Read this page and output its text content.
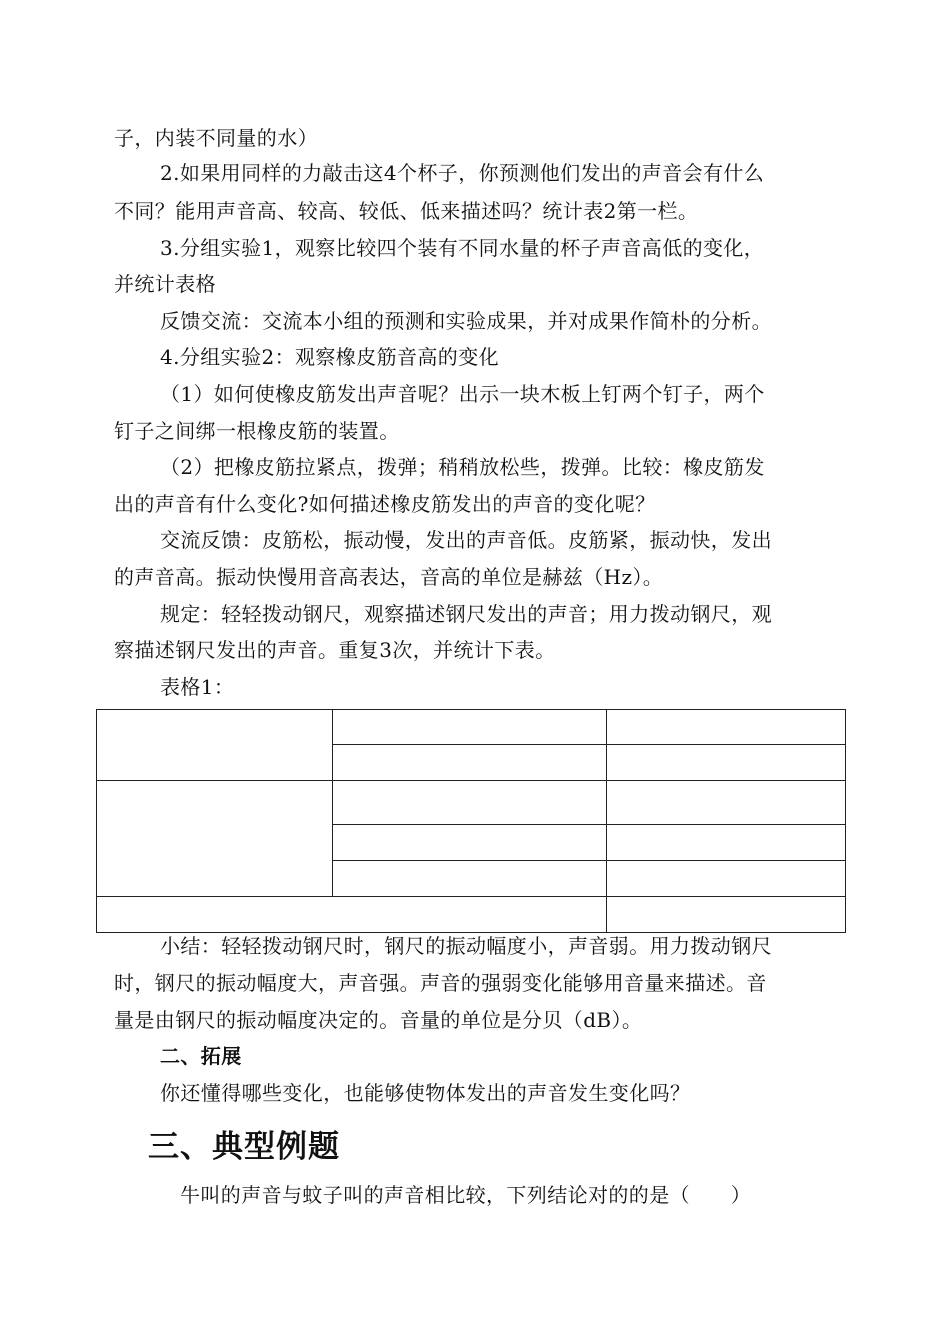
子，内装不同量的水）
2.如果用同样的力敲击这4个杯子，你预测他们发出的声音会有什么
不同？能用声音高、较高、较低、低来描述吗？统计表2第一栏。
3.分组实验1，观察比较四个装有不同水量的杯子声音高低的变化，
并统计表格
反馈交流：交流本小组的预测和实验成果，并对成果作简朴的分析。
4.分组实验2：观察橡皮筋音高的变化
（1）如何使橡皮筋发出声音呢？出示一块木板上钉两个钉子，两个
钉子之间绑一根橡皮筋的装置。
（2）把橡皮筋拉紧点，拨弹；稍稍放松些，拨弹。比较：橡皮筋发
出的声音有什么变化?如何描述橡皮筋发出的声音的变化呢？
交流反馈：皮筋松，振动慢，发出的声音低。皮筋紧，振动快，发出
的声音高。振动快慢用音高表达，音高的单位是赫兹（Hz）。
规定：轻轻拨动钢尺，观察描述钢尺发出的声音；用力拨动钢尺，观
察描述钢尺发出的声音。重复3次，并统计下表。
表格1：

小结：轻轻拨动钢尺时，钢尺的振动幅度小，声音弱。用力拨动钢尺
时，钢尺的振动幅度大，声音强。声音的强弱变化能够用音量来描述。音
量是由钢尺的振动幅度决定的。音量的单位是分贝（dB）。
二、拓展
你还懂得哪些变化，也能够使物体发出的声音发生变化吗？
三、典型例题
牛叫的声音与蚊子叫的声音相比较，下列结论对的的是（　　）
